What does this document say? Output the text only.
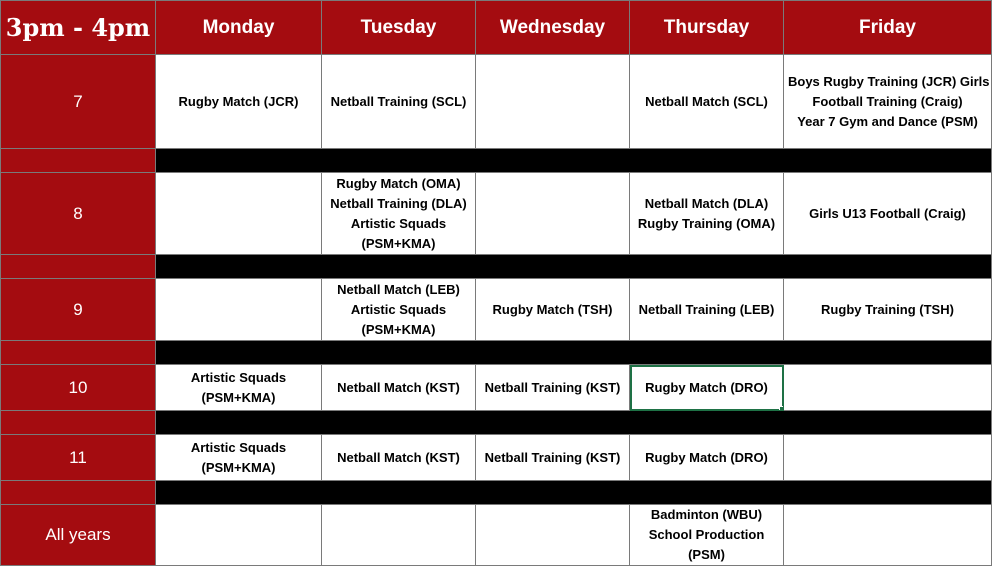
3pm - 4pm	Monday	Tuesday	Wednesday	Thursday	Friday
7	Rugby Match (JCR)	Netball Training (SCL)		Netball Match (SCL)	Boys Rugby Training (JCR) Girls
Football Training (Craig)
Year 7 Gym and Dance (PSM)

8		Rugby Match (OMA)
Netball Training (DLA)
Artistic Squads
(PSM+KMA)		Netball Match (DLA)
Rugby Training (OMA)	Girls U13 Football (Craig)

9		Netball Match (LEB)
Artistic Squads
(PSM+KMA)	Rugby Match (TSH)	Netball Training (LEB)	Rugby Training (TSH)

10	Artistic Squads
(PSM+KMA)	Netball Match (KST)	Netball Training (KST)	Rugby Match (DRO)	

11	Artistic Squads
(PSM+KMA)	Netball Match (KST)	Netball Training (KST)	Rugby Match (DRO)	

All years				Badminton (WBU)
School Production
(PSM)	
